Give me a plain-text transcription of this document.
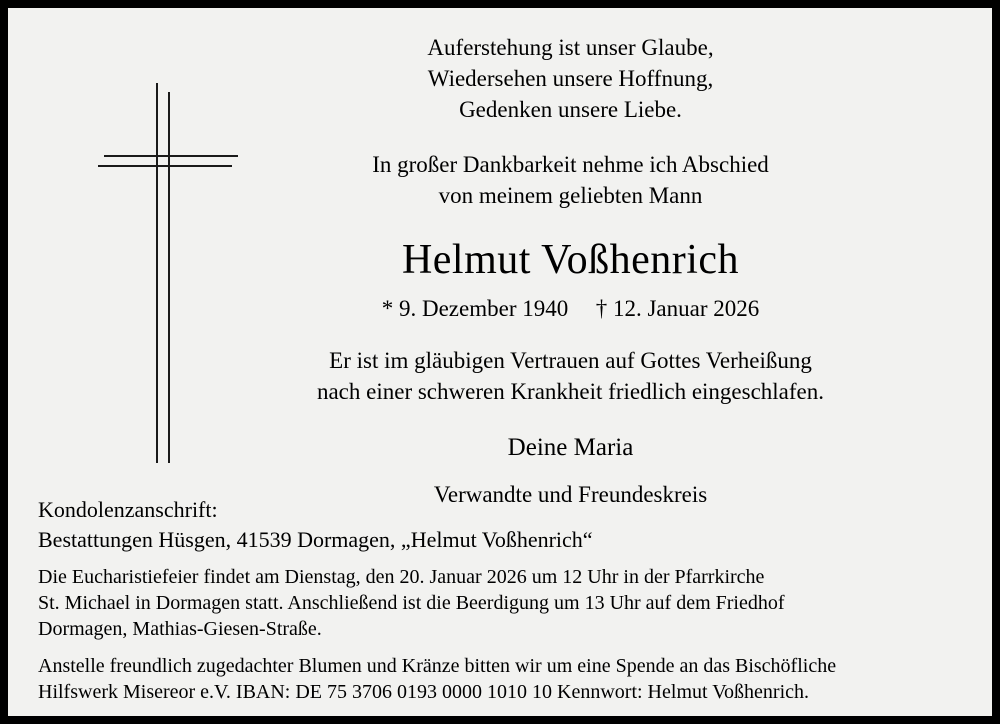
Auferstehung ist unser Glaube,
Wiedersehen unsere Hoffnung,
Gedenken unsere Liebe.
In großer Dankbarkeit nehme ich Abschied
von meinem geliebten Mann
Helmut Voßhenrich
* 9. Dezember 1940 † 12. Januar 2026
Er ist im gläubigen Vertrauen auf Gottes Verheißung
nach einer schweren Krankheit friedlich eingeschlafen.
Deine Maria
Verwandte und Freundeskreis
Kondolenzanschrift:
Bestattungen Hüsgen, 41539 Dormagen, „Helmut Voßhenrich“
Die Eucharistiefeier findet am Dienstag, den 20. Januar 2026 um 12 Uhr in der Pfarrkirche
St. Michael in Dormagen statt. Anschließend ist die Beerdigung um 13 Uhr auf dem Friedhof
Dormagen, Mathias-Giesen-Straße.
Anstelle freundlich zugedachter Blumen und Kränze bitten wir um eine Spende an das Bischöfliche
Hilfswerk Misereor e.V. IBAN: DE 75 3706 0193 0000 1010 10 Kennwort: Helmut Voßhenrich.
